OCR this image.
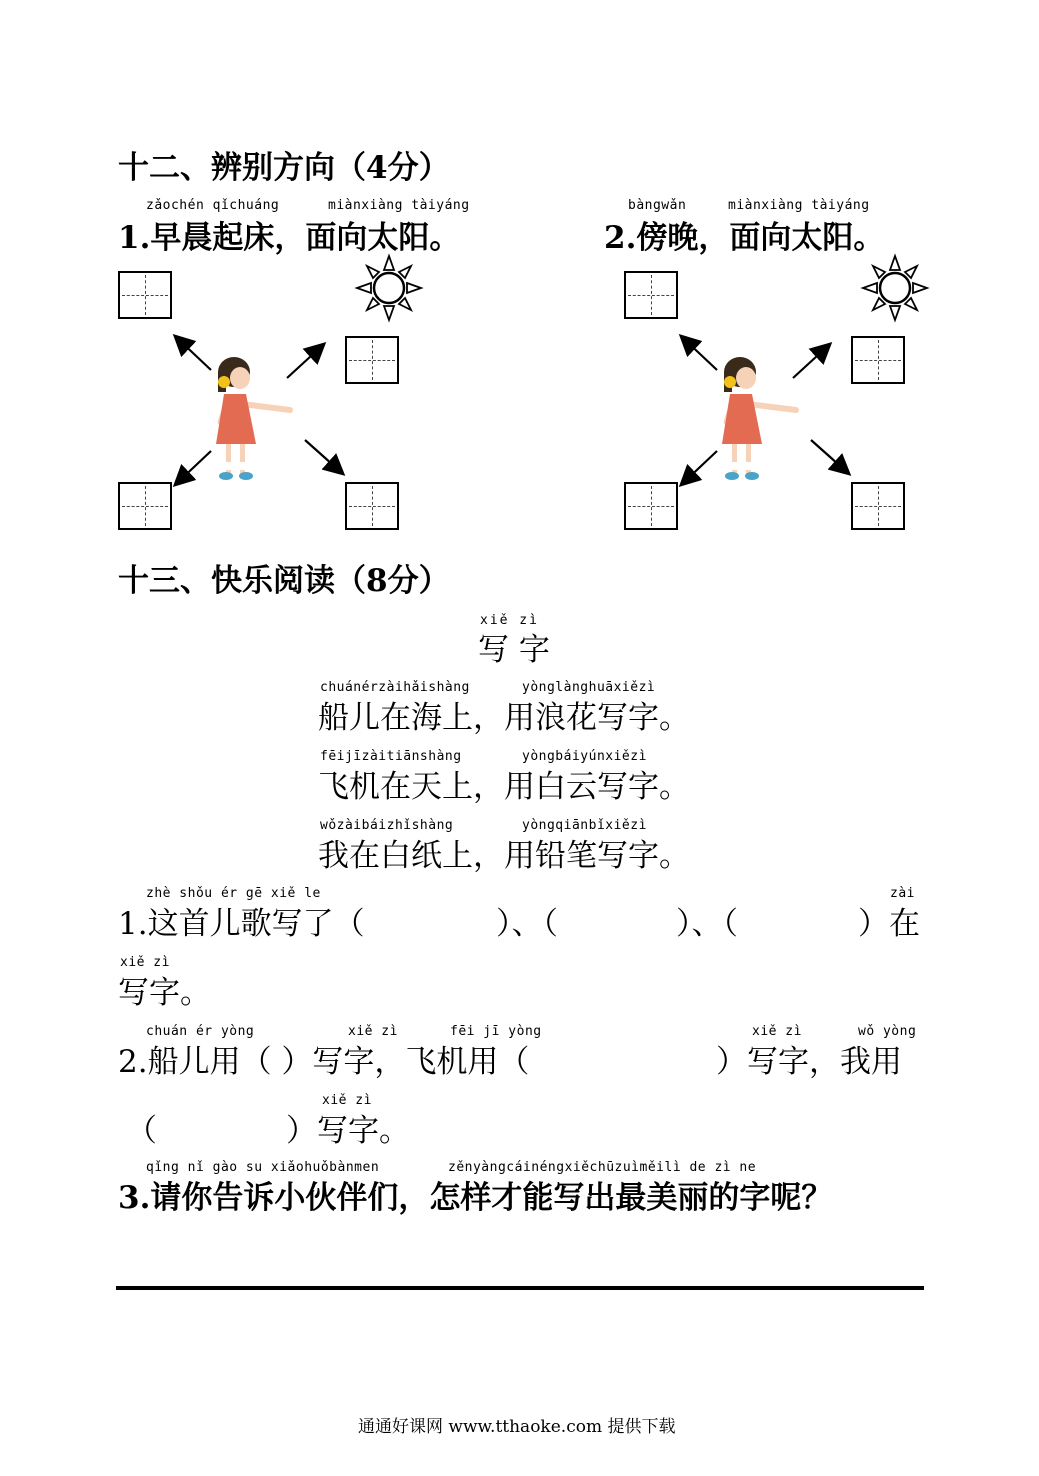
十二、辨别方向（4分）
zǎochén qǐchuáng	miànxiàng tàiyáng
1.早晨起床，面向太阳。
bàngwǎn	miànxiàng tàiyáng
2.傍晚，面向太阳。
十三、快乐阅读（8分）
xiě zì
写 字
chuánérzàihǎishàng	yònglànghuāxiězì
船儿在海上，用浪花写字。
fēijīzàitiānshàng	yòngbáiyúnxiězì
飞机在天上，用白云写字。
wǒzàibáizhǐshàng	yòngqiānbǐxiězì
我在白纸上，用铅笔写字。
zhè shǒu ér gē xiě le	zài
1.这首儿歌写了（	）、（	）、（	）在
xiě zì
写字。
chuán ér yòng	xiě zì	fēi jī yòng	xiě zì	wǒ yòng
2.船儿用（ ）写字，飞机用（	）写字，我用
xiě zì
（	）写字。
qǐng nǐ gào su xiǎohuǒbànmen	zěnyàngcáinéngxiěchūzuìměilì de zì ne
3.请你告诉小伙伴们，怎样才能写出最美丽的字呢？
通通好课网 www.tthaoke.com 提供下载
